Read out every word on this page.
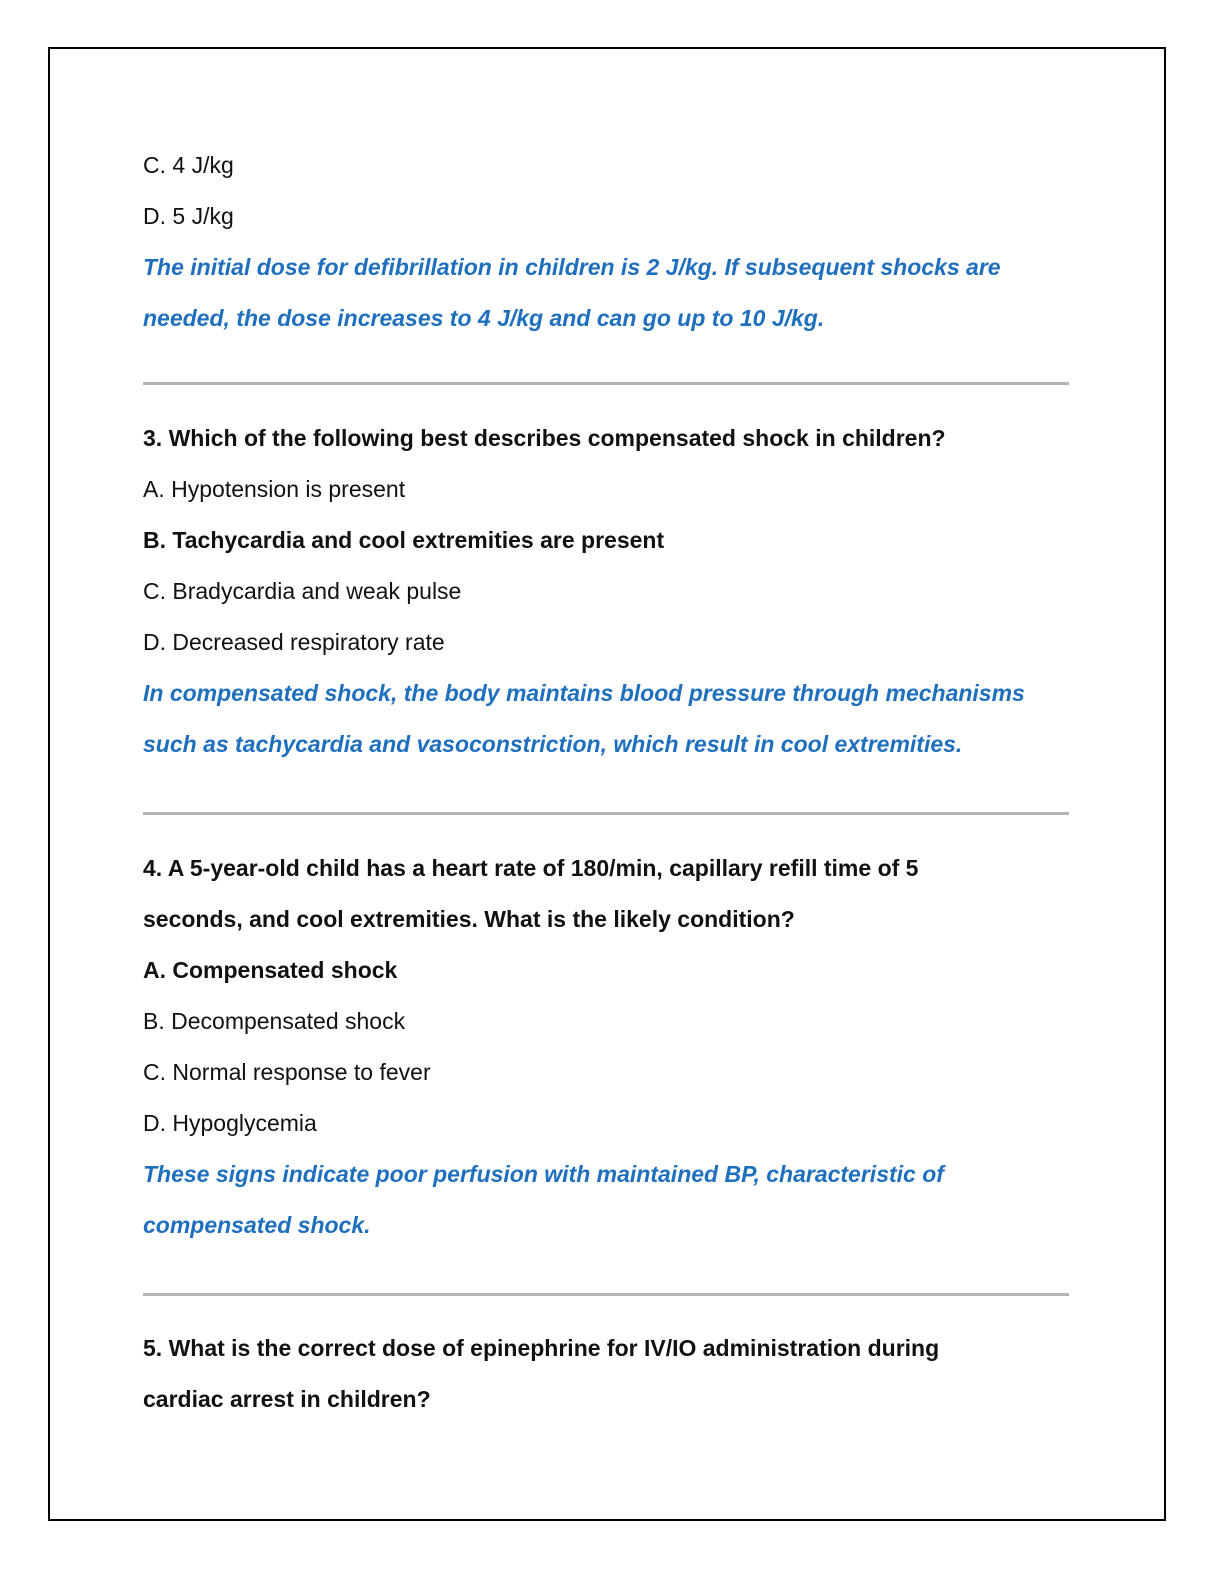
C. 4 J/kg
D. 5 J/kg
The initial dose for defibrillation in children is 2 J/kg. If subsequent shocks are
needed, the dose increases to 4 J/kg and can go up to 10 J/kg.
3. Which of the following best describes compensated shock in children?
A. Hypotension is present
B. Tachycardia and cool extremities are present
C. Bradycardia and weak pulse
D. Decreased respiratory rate
In compensated shock, the body maintains blood pressure through mechanisms
such as tachycardia and vasoconstriction, which result in cool extremities.
4. A 5-year-old child has a heart rate of 180/min, capillary refill time of 5
seconds, and cool extremities. What is the likely condition?
A. Compensated shock
B. Decompensated shock
C. Normal response to fever
D. Hypoglycemia
These signs indicate poor perfusion with maintained BP, characteristic of
compensated shock.
5. What is the correct dose of epinephrine for IV/IO administration during
cardiac arrest in children?
